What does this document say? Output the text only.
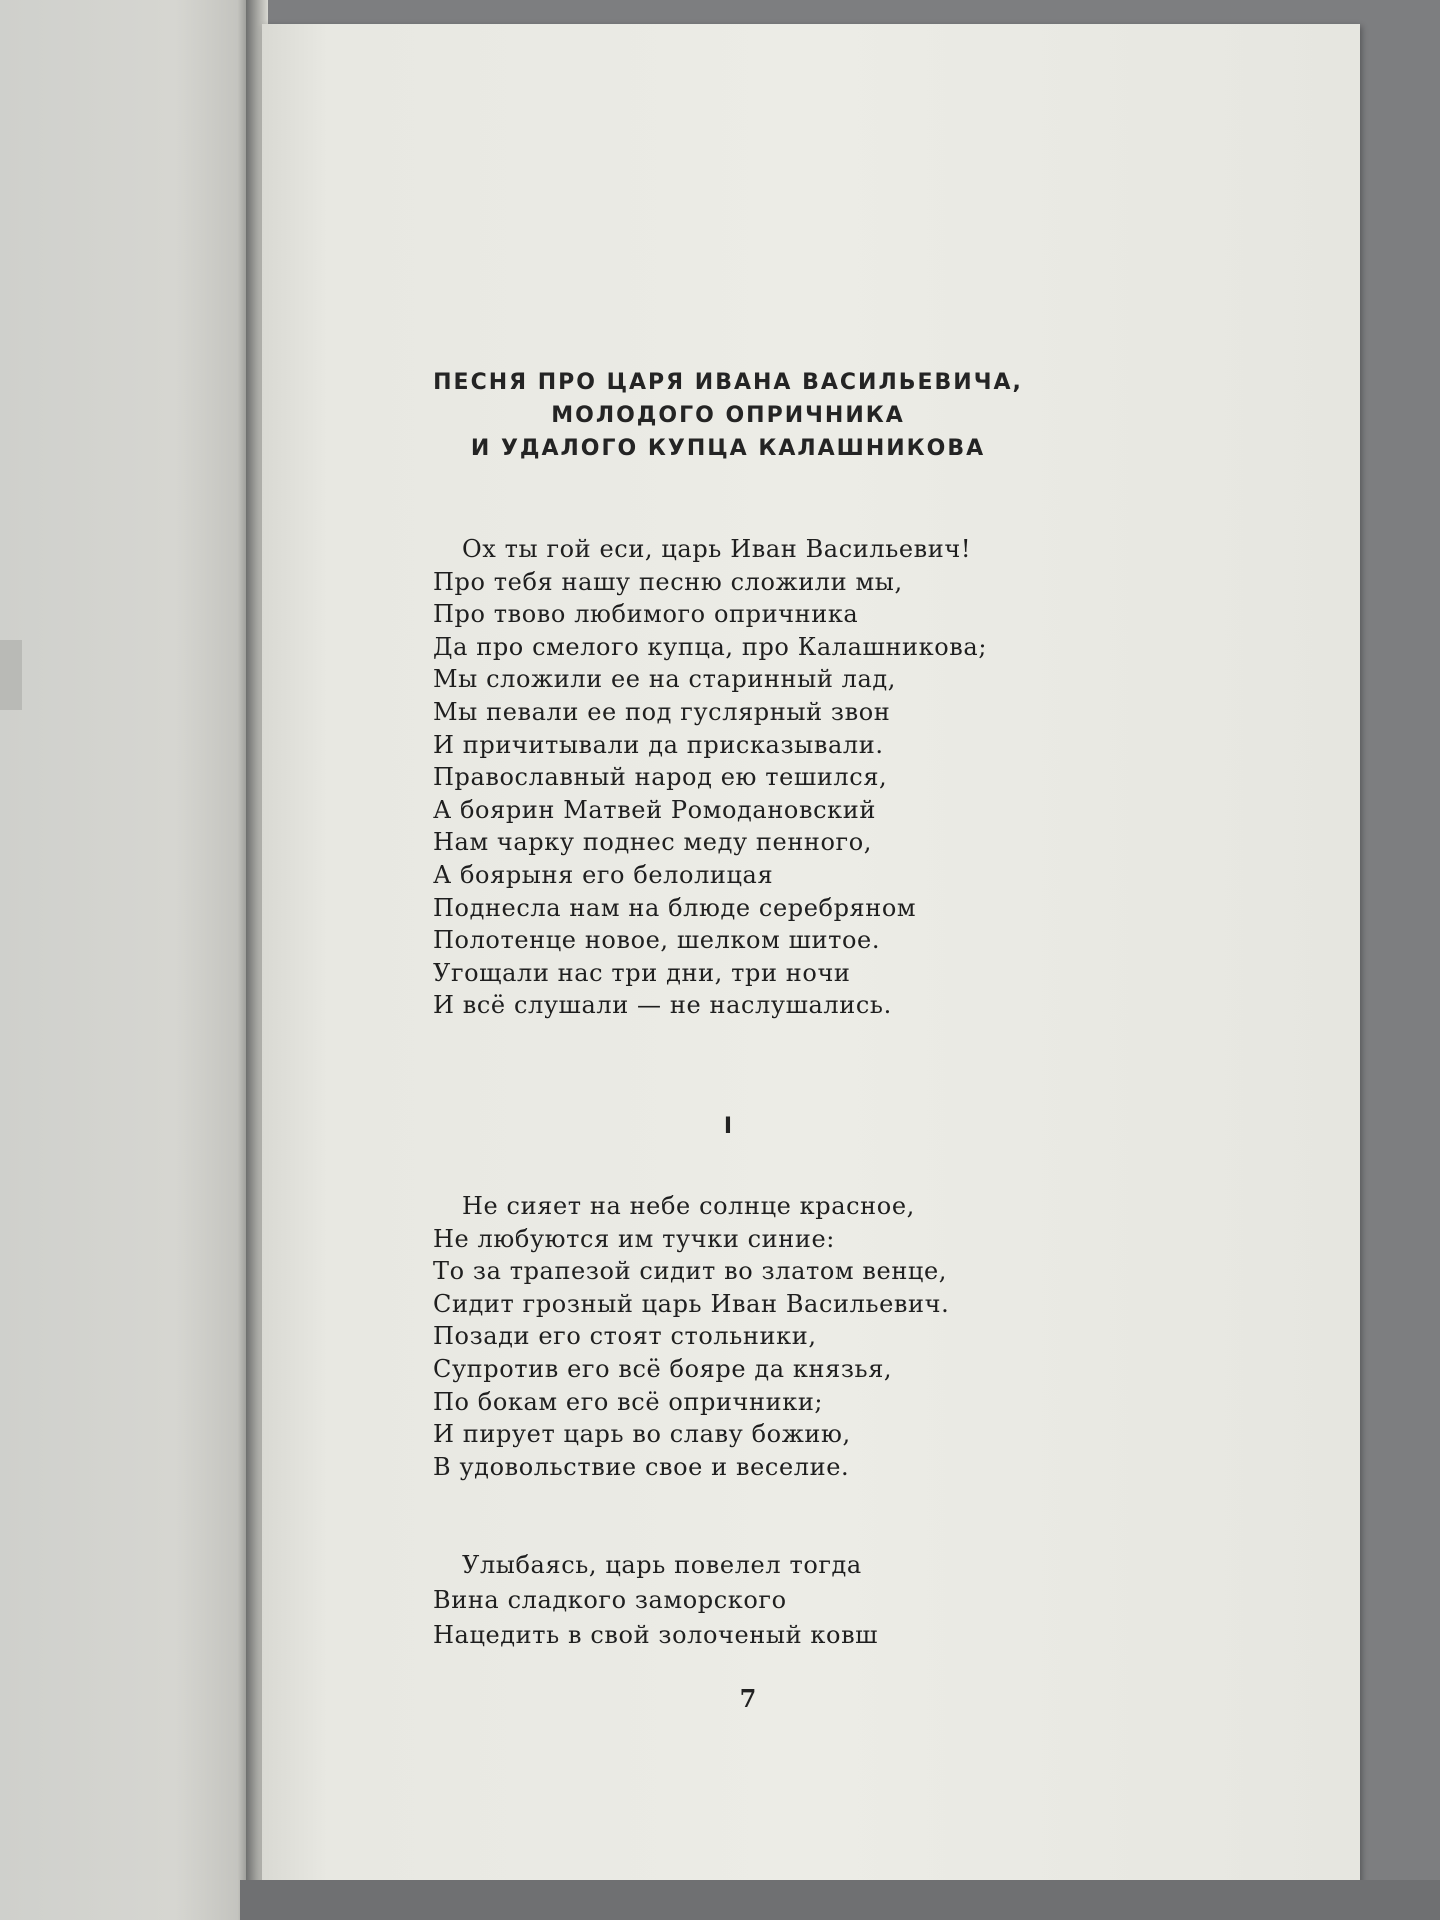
ПЕСНЯ ПРО ЦАРЯ ИВАНА ВАСИЛЬЕВИЧА,
МОЛОДОГО ОПРИЧНИКА
И УДАЛОГО КУПЦА КАЛАШНИКОВА
Ох ты гой еси, царь Иван Васильевич!
Про тебя нашу песню сложили мы,
Про твово любимого опричника
Да про смелого купца, про Калашникова;
Мы сложили ее на старинный лад,
Мы певали ее под гуслярный звон
И причитывали да присказывали.
Православный народ ею тешился,
А боярин Матвей Ромодановский
Нам чарку поднес меду пенного,
А боярыня его белолицая
Поднесла нам на блюде серебряном
Полотенце новое, шелком шитое.
Угощали нас три дни, три ночи
И всё слушали — не наслушались.
I
Не сияет на небе солнце красное,
Не любуются им тучки синие:
То за трапезой сидит во златом венце,
Сидит грозный царь Иван Васильевич.
Позади его стоят стольники,
Супротив его всё бояре да князья,
По бокам его всё опричники;
И пирует царь во славу божию,
В удовольствие свое и веселие.
Улыбаясь, царь повелел тогда
Вина сладкого заморского
Нацедить в свой золоченый ковш
7
